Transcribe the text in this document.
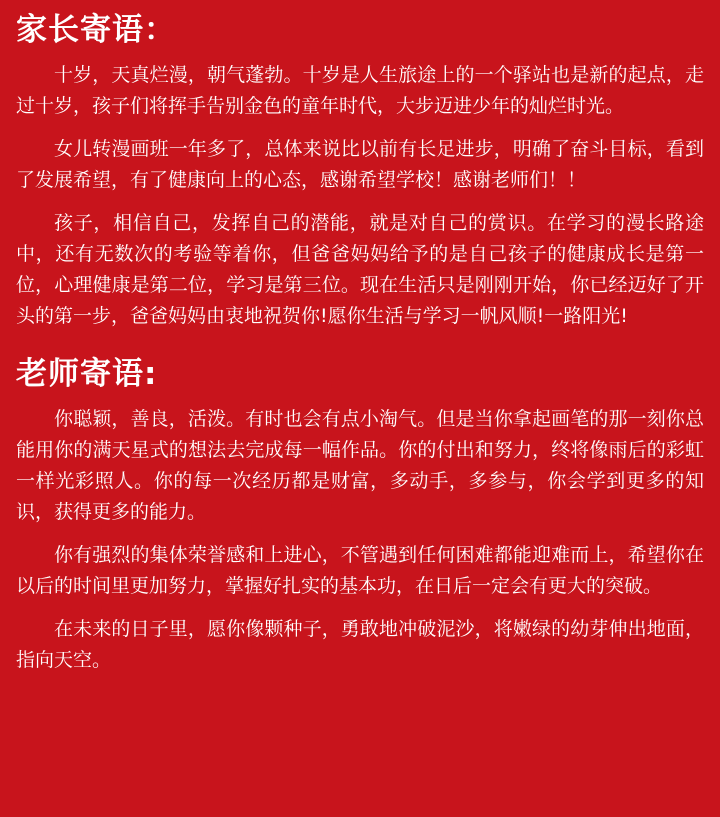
家长寄语：

十岁，天真烂漫，朝气蓬勃。十岁是人生旅途上的一个驿站也是新的起点，走过十岁，孩子们将挥手告别金色的童年时代，大步迈进少年的灿烂时光。

女儿转漫画班一年多了，总体来说比以前有长足进步，明确了奋斗目标，看到了发展希望，有了健康向上的心态，感谢希望学校！感谢老师们！！

孩子，相信自己，发挥自己的潜能，就是对自己的赏识。在学习的漫长路途中，还有无数次的考验等着你，但爸爸妈妈给予的是自己孩子的健康成长是第一位，心理健康是第二位，学习是第三位。现在生活只是刚刚开始，你已经迈好了开头的第一步，爸爸妈妈由衷地祝贺你!愿你生活与学习一帆风顺!一路阳光!

老师寄语:

你聪颖，善良，活泼。有时也会有点小淘气。但是当你拿起画笔的那一刻你总能用你的满天星式的想法去完成每一幅作品。你的付出和努力，终将像雨后的彩虹一样光彩照人。你的每一次经历都是财富，多动手，多参与，你会学到更多的知识，获得更多的能力。

你有强烈的集体荣誉感和上进心，不管遇到任何困难都能迎难而上，希望你在以后的时间里更加努力，掌握好扎实的基本功，在日后一定会有更大的突破。

在未来的日子里，愿你像颗种子，勇敢地冲破泥沙，将嫩绿的幼芽伸出地面，指向天空。
